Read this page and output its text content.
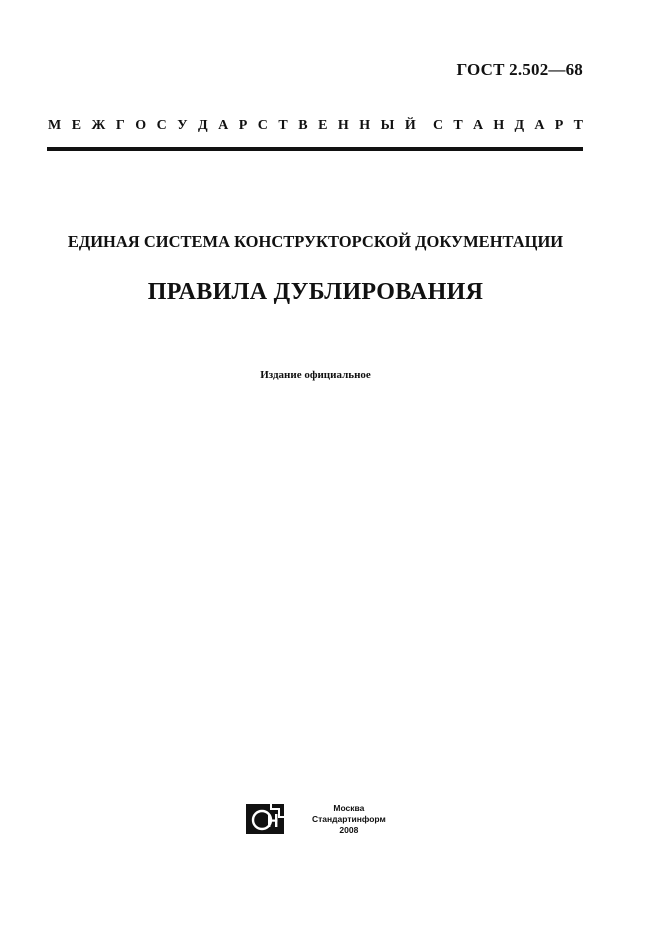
ГОСТ 2.502—68
М Е Ж Г О С У Д А Р С Т В Е Н Н Ы Й С Т А Н Д А Р Т
ЕДИНАЯ СИСТЕМА КОНСТРУКТОРСКОЙ ДОКУМЕНТАЦИИ
ПРАВИЛА ДУБЛИРОВАНИЯ
Издание официальное
Москва
Стандартинформ
2008
